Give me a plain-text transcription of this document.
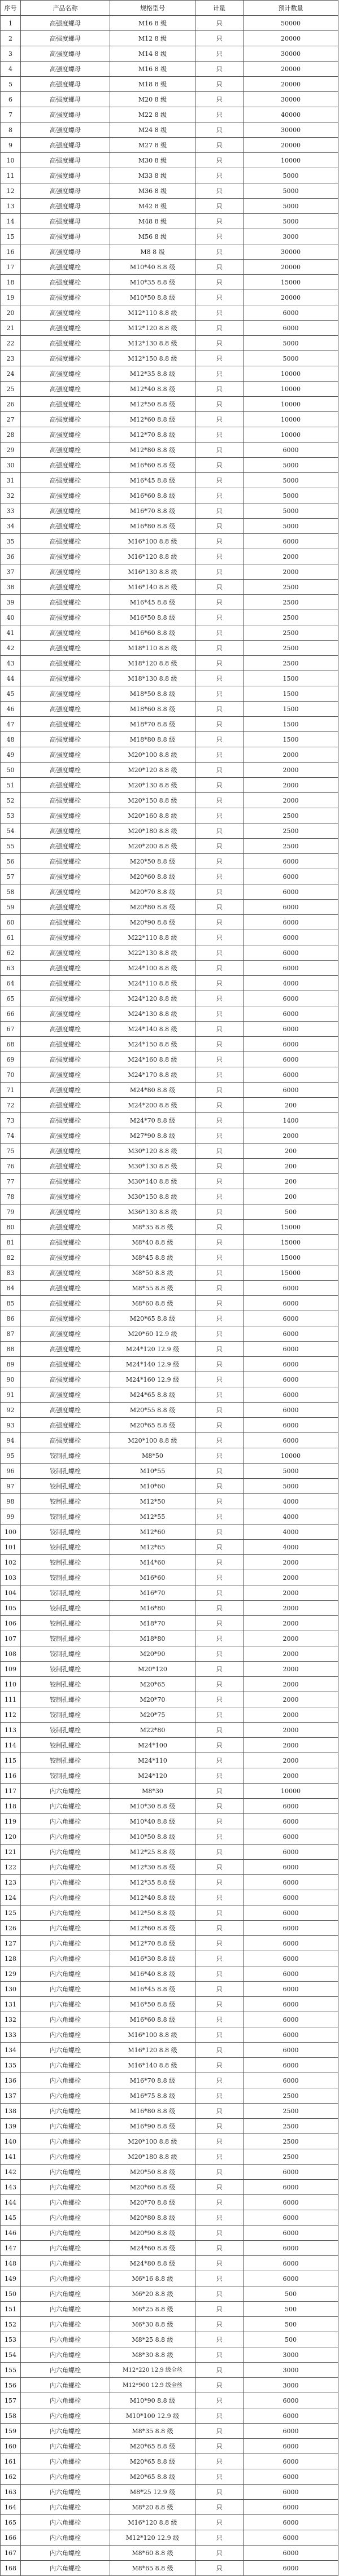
序号	产品名称	规格型号	计量	预计数量
1	高强度螺母	M16 8 级	只	50000
2	高强度螺母	M12 8 级	只	20000
3	高强度螺母	M14 8 级	只	30000
4	高强度螺母	M16 8 级	只	20000
5	高强度螺母	M18 8 级	只	20000
6	高强度螺母	M20 8 级	只	30000
7	高强度螺母	M22 8 级	只	40000
8	高强度螺母	M24 8 级	只	30000
9	高强度螺母	M27 8 级	只	20000
10	高强度螺母	M30 8 级	只	10000
11	高强度螺母	M33 8 级	只	5000
12	高强度螺母	M36 8 级	只	5000
13	高强度螺母	M42 8 级	只	5000
14	高强度螺母	M48 8 级	只	5000
15	高强度螺母	M56 8 级	只	3000
16	高强度螺母	M8 8 级	只	30000
17	高强度螺栓	M10*40 8.8 级	只	20000
18	高强度螺栓	M10*35 8.8 级	只	15000
19	高强度螺栓	M10*50 8.8 级	只	20000
20	高强度螺栓	M12*110 8.8 级	只	6000
21	高强度螺栓	M12*120 8.8 级	只	6000
22	高强度螺栓	M12*130 8.8 级	只	5000
23	高强度螺栓	M12*150 8.8 级	只	5000
24	高强度螺栓	M12*35 8.8 级	只	10000
25	高强度螺栓	M12*40 8.8 级	只	10000
26	高强度螺栓	M12*50 8.8 级	只	10000
27	高强度螺栓	M12*60 8.8 级	只	10000
28	高强度螺栓	M12*70 8.8 级	只	10000
29	高强度螺栓	M12*80 8.8 级	只	6000
30	高强度螺栓	M16*60 8.8 级	只	5000
31	高强度螺栓	M16*45 8.8 级	只	5000
32	高强度螺栓	M16*60 8.8 级	只	5000
33	高强度螺栓	M16*70 8.8 级	只	5000
34	高强度螺栓	M16*80 8.8 级	只	5000
35	高强度螺栓	M16*100 8.8 级	只	6000
36	高强度螺栓	M16*120 8.8 级	只	2000
37	高强度螺栓	M16*130 8.8 级	只	2000
38	高强度螺栓	M16*140 8.8 级	只	2500
39	高强度螺栓	M16*45 8.8 级	只	2500
40	高强度螺栓	M16*50 8.8 级	只	2500
41	高强度螺栓	M16*60 8.8 级	只	2500
42	高强度螺栓	M18*110 8.8 级	只	2500
43	高强度螺栓	M18*120 8.8 级	只	2500
44	高强度螺栓	M18*130 8.8 级	只	1500
45	高强度螺栓	M18*50 8.8 级	只	1500
46	高强度螺栓	M18*60 8.8 级	只	1500
47	高强度螺栓	M18*70 8.8 级	只	1500
48	高强度螺栓	M18*80 8.8 级	只	1500
49	高强度螺栓	M20*100 8.8 级	只	2000
50	高强度螺栓	M20*120 8.8 级	只	2000
51	高强度螺栓	M20*130 8.8 级	只	2000
52	高强度螺栓	M20*150 8.8 级	只	2000
53	高强度螺栓	M20*160 8.8 级	只	2500
54	高强度螺栓	M20*180 8.8 级	只	2500
55	高强度螺栓	M20*200 8.8 级	只	2500
56	高强度螺栓	M20*50 8.8 级	只	6000
57	高强度螺栓	M20*60 8.8 级	只	6000
58	高强度螺栓	M20*70 8.8 级	只	6000
59	高强度螺栓	M20*80 8.8 级	只	6000
60	高强度螺栓	M20*90 8.8 级	只	6000
61	高强度螺栓	M22*110 8.8 级	只	6000
62	高强度螺栓	M22*130 8.8 级	只	6000
63	高强度螺栓	M24*100 8.8 级	只	6000
64	高强度螺栓	M24*110 8.8 级	只	4000
65	高强度螺栓	M24*120 8.8 级	只	6000
66	高强度螺栓	M24*130 8.8 级	只	6000
67	高强度螺栓	M24*140 8.8 级	只	6000
68	高强度螺栓	M24*150 8.8 级	只	6000
69	高强度螺栓	M24*160 8.8 级	只	6000
70	高强度螺栓	M24*170 8.8 级	只	6000
71	高强度螺栓	M24*80 8.8 级	只	6000
72	高强度螺栓	M24*200 8.8 级	只	200
73	高强度螺栓	M24*70 8.8 级	只	1400
74	高强度螺栓	M27*90 8.8 级	只	2000
75	高强度螺栓	M30*120 8.8 级	只	200
76	高强度螺栓	M30*130 8.8 级	只	200
77	高强度螺栓	M30*140 8.8 级	只	200
78	高强度螺栓	M30*150 8.8 级	只	200
79	高强度螺栓	M36*130 8.8 级	只	500
80	高强度螺栓	M8*35 8.8 级	只	15000
81	高强度螺栓	M8*40 8.8 级	只	15000
82	高强度螺栓	M8*45 8.8 级	只	15000
83	高强度螺栓	M8*50 8.8 级	只	15000
84	高强度螺栓	M8*55 8.8 级	只	6000
85	高强度螺栓	M8*60 8.8 级	只	6000
86	高强度螺栓	M20*65 8.8 级	只	6000
87	高强度螺栓	M20*60 12.9 级	只	6000
88	高强度螺栓	M24*120 12.9 级	只	6000
89	高强度螺栓	M24*140 12.9 级	只	6000
90	高强度螺栓	M24*160 12.9 级	只	6000
91	高强度螺栓	M24*65 8.8 级	只	6000
92	高强度螺栓	M20*55 8.8 级	只	6000
93	高强度螺栓	M20*65 8.8 级	只	6000
94	高强度螺栓	M20*100 8.8 级	只	6000
95	铰制孔螺栓	M8*50	只	10000
96	铰制孔螺栓	M10*55	只	5000
97	铰制孔螺栓	M10*60	只	5000
98	铰制孔螺栓	M12*50	只	4000
99	铰制孔螺栓	M12*55	只	4000
100	铰制孔螺栓	M12*60	只	4000
101	铰制孔螺栓	M12*65	只	4000
102	铰制孔螺栓	M14*60	只	2000
103	铰制孔螺栓	M16*60	只	2000
104	铰制孔螺栓	M16*70	只	2000
105	铰制孔螺栓	M16*80	只	2000
106	铰制孔螺栓	M18*70	只	2000
107	铰制孔螺栓	M18*80	只	2000
108	铰制孔螺栓	M20*90	只	2000
109	铰制孔螺栓	M20*120	只	2000
110	铰制孔螺栓	M20*65	只	2000
111	铰制孔螺栓	M20*70	只	2000
112	铰制孔螺栓	M20*75	只	2000
113	铰制孔螺栓	M22*80	只	2000
114	铰制孔螺栓	M24*100	只	2000
115	铰制孔螺栓	M24*110	只	2000
116	铰制孔螺栓	M24*120	只	2000
117	内六角螺栓	M8*30	只	10000
118	内六角螺栓	M10*30 8.8 级	只	6000
119	内六角螺栓	M10*40 8.8 级	只	6000
120	内六角螺栓	M10*50 8.8 级	只	6000
121	内六角螺栓	M12*25 8.8 级	只	6000
122	内六角螺栓	M12*30 8.8 级	只	6000
123	内六角螺栓	M12*35 8.8 级	只	6000
124	内六角螺栓	M12*40 8.8 级	只	6000
125	内六角螺栓	M12*50 8.8 级	只	6000
126	内六角螺栓	M12*60 8.8 级	只	6000
127	内六角螺栓	M12*70 8.8 级	只	6000
128	内六角螺栓	M16*30 8.8 级	只	6000
129	内六角螺栓	M16*40 8.8 级	只	6000
130	内六角螺栓	M16*45 8.8 级	只	6000
131	内六角螺栓	M16*50 8.8 级	只	6000
132	内六角螺栓	M16*60 8.8 级	只	6000
133	内六角螺栓	M16*100 8.8 级	只	6000
134	内六角螺栓	M16*120 8.8 级	只	6000
135	内六角螺栓	M16*140 8.8 级	只	6000
136	内六角螺栓	M16*70 8.8 级	只	6000
137	内六角螺栓	M16*75 8.8 级	只	2500
138	内六角螺栓	M16*80 8.8 级	只	2500
139	内六角螺栓	M16*90 8.8 级	只	2500
140	内六角螺栓	M20*100 8.8 级	只	2500
141	内六角螺栓	M20*180 8.8 级	只	2500
142	内六角螺栓	M20*50 8.8 级	只	6000
143	内六角螺栓	M20*60 8.8 级	只	6000
144	内六角螺栓	M20*70 8.8 级	只	6000
145	内六角螺栓	M20*80 8.8 级	只	6000
146	内六角螺栓	M20*90 8.8 级	只	6000
147	内六角螺栓	M24*60 8.8 级	只	6000
148	内六角螺栓	M24*80 8.8 级	只	6000
149	内六角螺栓	M6*16 8.8 级	只	6000
150	内六角螺栓	M6*20 8.8 级	只	500
151	内六角螺栓	M6*25 8.8 级	只	500
152	内六角螺栓	M6*30 8.8 级	只	500
153	内六角螺栓	M8*25 8.8 级	只	500
154	内六角螺栓	M8*30 8.8 级	只	3000
155	内六角螺栓	M12*220 12.9 级全丝	只	3000
156	内六角螺栓	M12*900 12.9 级全丝	只	3000
157	内六角螺栓	M10*90 8.8 级	只	6000
158	内六角螺栓	M10*100 12.9 级	只	6000
159	内六角螺栓	M8*35 8.8 级	只	6000
160	内六角螺栓	M20*65 8.8 级	只	6000
161	内六角螺栓	M20*65 8.8 级	只	6000
162	内六角螺栓	M20*65 8.8 级	只	6000
163	内六角螺栓	M8*25 12.9 级	只	6000
164	内六角螺栓	M8*20 8.8 级	只	6000
165	内六角螺栓	M16*120 8.8 级	只	6000
166	内六角螺栓	M12*120 12.9 级	只	6000
167	内六角螺栓	M8*60 8.8 级	只	6000
168	内六角螺栓	M8*65 8.8 级	只	6000
